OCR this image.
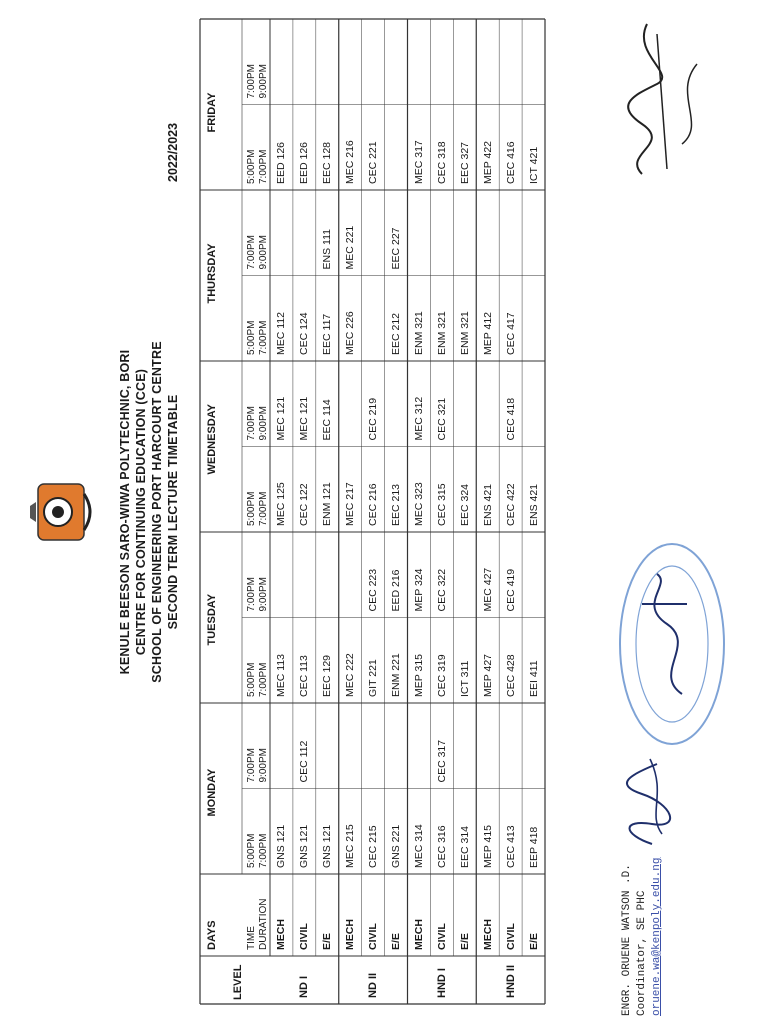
KENULE BEESON SARO-WIWA POLYTECHNIC, BORI CENTRE FOR CONTINUING EDUCATION (CCE) SCHOOL OF ENGINEERING PORT HARCOURT CENTRE SECOND TERM LECTURE TIMETABLE
2022/2023
LEVEL
DAYS	TIME DURATION
MONDAY
5:00PM 7:00PM
7:00PM 9:00PM
TUESDAY
5:00PM 7:00PM
7:00PM 9:00PM
WEDNESDAY
5:00PM 7:00PM
7:00PM 9:00PM
THURSDAY
5:00PM 7:00PM
7:00PM 9:00PM
FRIDAY
5:00PM 7:00PM
7:00PM 9:00PM
ND I
MECH
GNS 121
MEC 113
MEC 125
MEC 121
MEC 112
EED 126
CIVIL
GNS 121
CEC 112
CEC 113
CEC 122
MEC 121
CEC 124
EED 126
E/E
GNS 121
EEC 129
ENM 121
EEC 114
EEC 117
ENS 111
EEC 128
ND II
MECH
MEC 215
MEC 222
MEC 217
MEC 226
MEC 221
MEC 216
CIVIL
CEC 215
GIT 221
CEC 223
CEC 216
CEC 219
CEC 221
E/E
GNS 221
ENM 221
EED 216
EEC 213
EEC 212
EEC 227
HND I
MECH
MEC 314
MEP 315
MEP 324
MEC 323
MEC 312
ENM 321
MEC 317
CIVIL
CEC 316
CEC 317
CEC 319
CEC 322
CEC 315
CEC 321
ENM 321
CEC 318
E/E
EEC 314
ICT 311
EEC 324
ENM 321
EEC 327
HND II
MECH
MEP 415
MEP 427
MEC 427
ENS 421
MEP 412
MEP 422
CIVIL
CEC 413
CEC 428
CEC 419
CEC 422
CEC 418
CEC 417
CEC 416
E/E
EEP 418
EEI 411
ENS 421
ICT 421
ENGR. ORUENE WATSON .D. Coordinator, SE PHC oruene.wa@kenpoly.edu.ng
